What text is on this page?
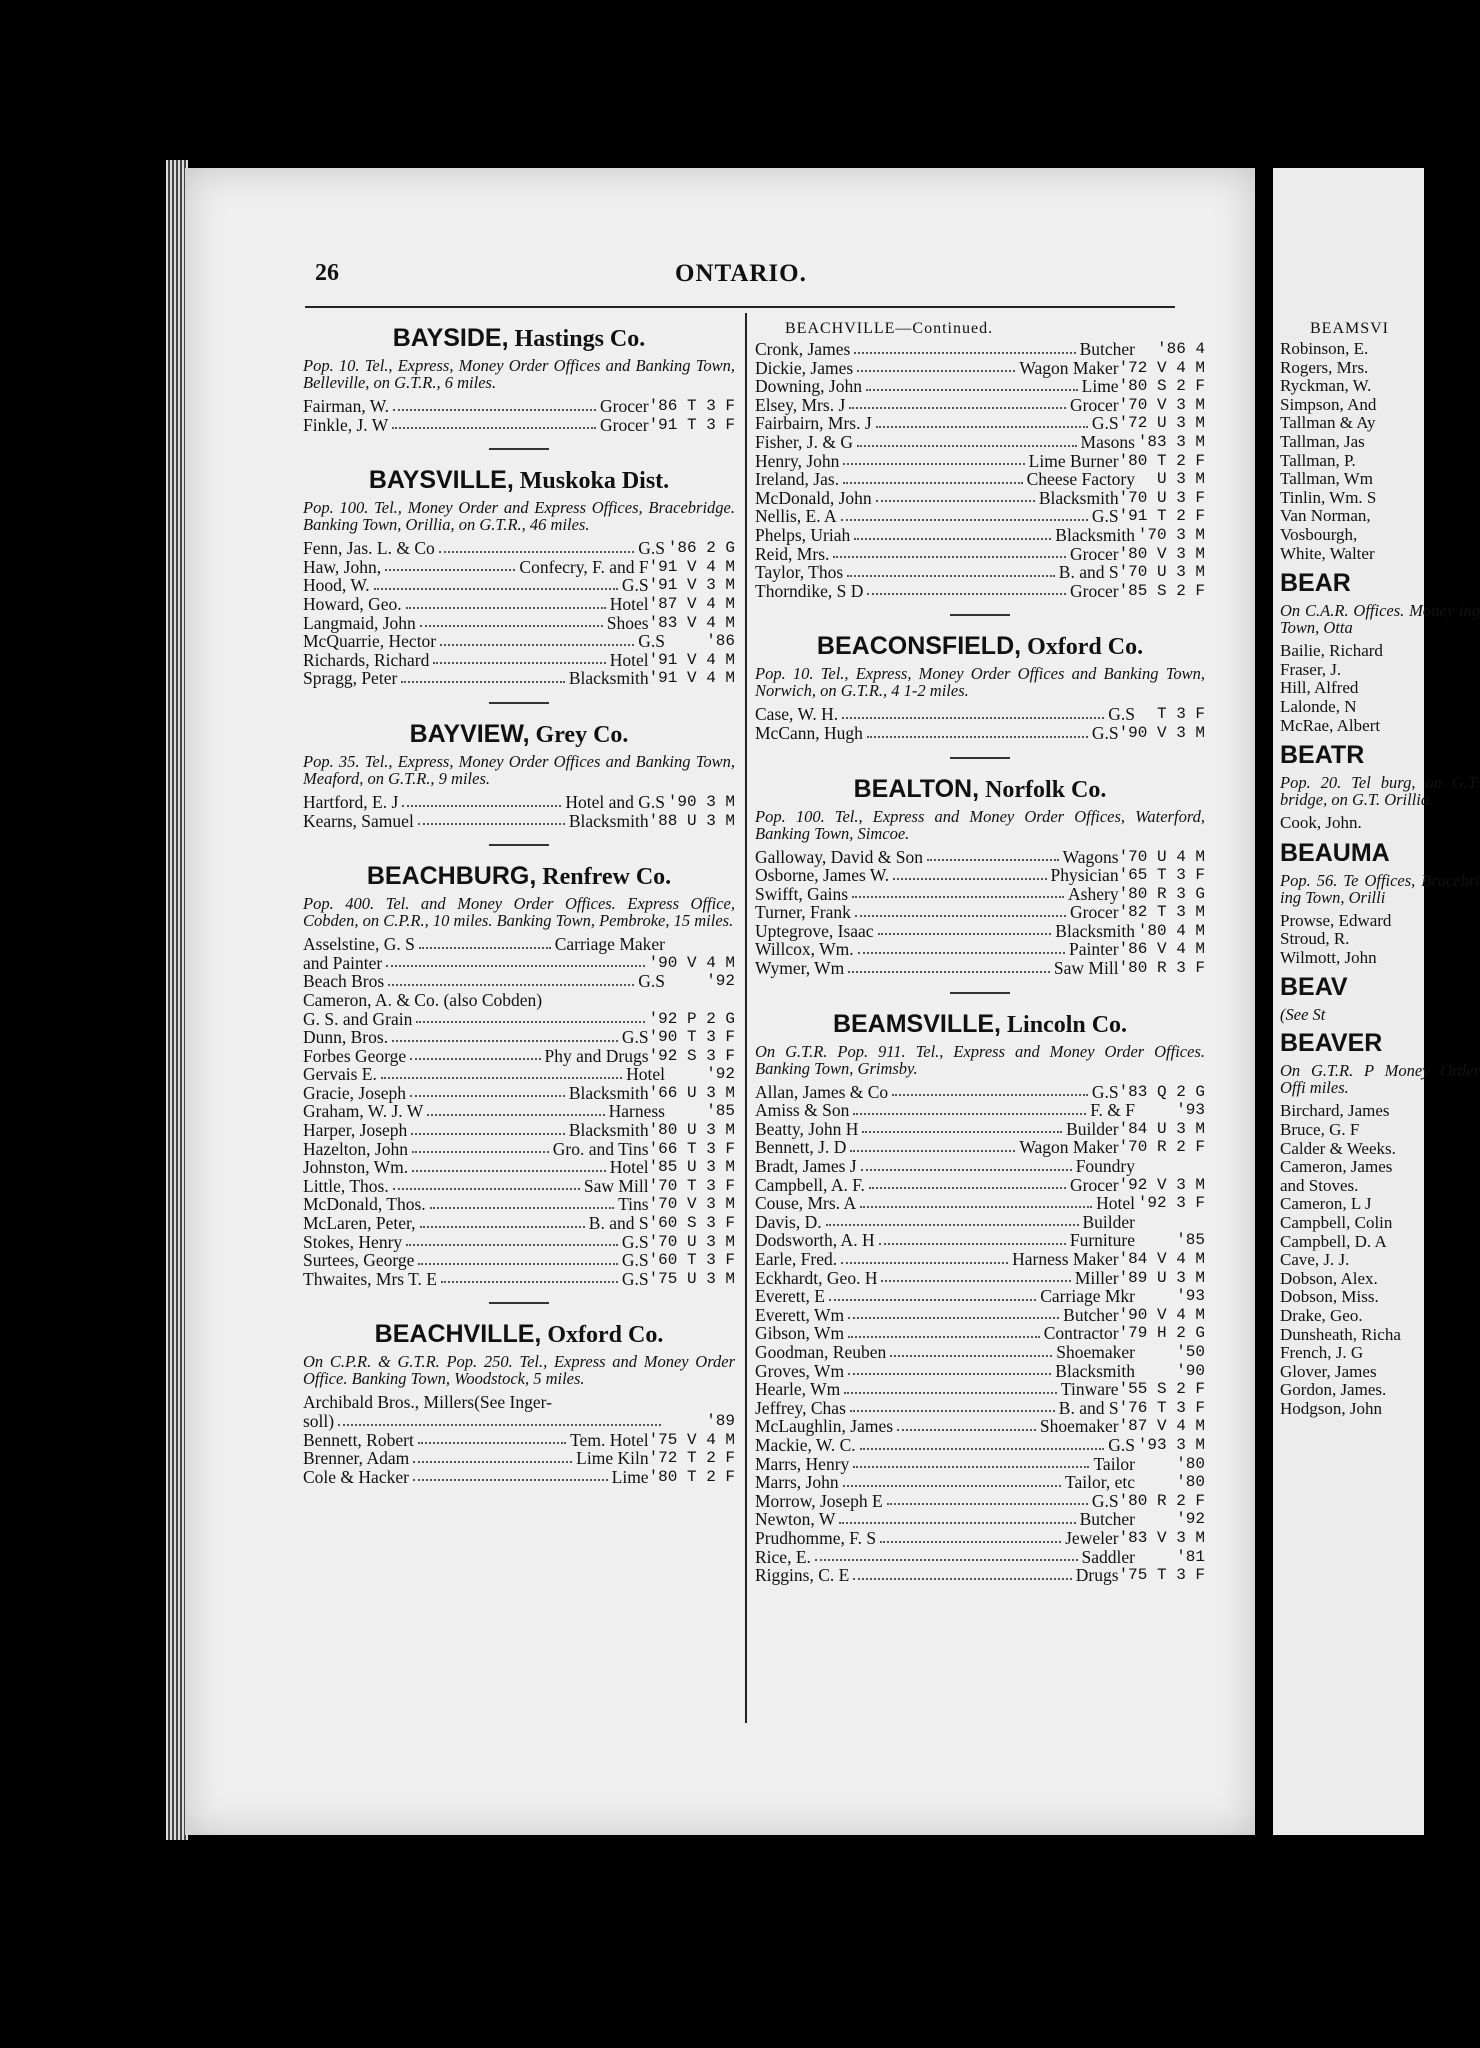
26	ONTARIO.
BAYSIDE, Hastings Co.
Pop. 10. Tel., Express, Money Order Offices and Banking Town, Belleville, on G.T.R., 6 miles.
Fairman, W.	Grocer '86 T 3 F
Finkle, J. W	Grocer '91 T 3 F
BAYSVILLE, Muskoka Dist.
Pop. 100. Tel., Money Order and Express Offices, Bracebridge. Banking Town, Orillia, on G.T.R., 46 miles.
Fenn, Jas. L. & Co	G.S '86 2 G
Haw, John,	Confecry, F. and F '91 V 4 M
Hood, W.	G.S '91 V 3 M
Howard, Geo.	Hotel '87 V 4 M
Langmaid, John	Shoes '83 V 4 M
McQuarrie, Hector	G.S	'86
Richards, Richard	Hotel '91 V 4 M
Spragg, Peter	Blacksmith '91 V 4 M
BAYVIEW, Grey Co.
Pop. 35. Tel., Express, Money Order Offices and Banking Town, Meaford, on G.T.R., 9 miles.
Hartford, E. J	Hotel and G.S '90 3 M
Kearns, Samuel	Blacksmith '88 U 3 M
BEACHBURG, Renfrew Co.
Pop. 400. Tel. and Money Order Offices. Express Office, Cobden, on C.P.R., 10 miles. Banking Town, Pembroke, 15 miles.
Asselstine, G. S	Carriage Maker
and Painter	'90 V 4 M
Beach Bros	G.S	'92
Cameron, A. & Co. (also Cobden)
G. S. and Grain	'92 P 2 G
Dunn, Bros.	G.S '90 T 3 F
Forbes George	Phy and Drugs '92 S 3 F
Gervais E.	Hotel	'92
Gracie, Joseph	Blacksmith '66 U 3 M
Graham, W. J. W	Harness	'85
Harper, Joseph	Blacksmith '80 U 3 M
Hazelton, John	Gro. and Tins '66 T 3 F
Johnston, Wm.	Hotel '85 U 3 M
Little, Thos.	Saw Mill '70 T 3 F
McDonald, Thos.	Tins '70 V 3 M
McLaren, Peter,	B. and S '60 S 3 F
Stokes, Henry	G.S '70 U 3 M
Surtees, George	G.S '60 T 3 F
Thwaites, Mrs T. E	G.S '75 U 3 M
BEACHVILLE, Oxford Co.
On C.P.R. & G.T.R. Pop. 250. Tel., Express and Money Order Office. Banking Town, Woodstock, 5 miles.
Archibald Bros., Millers(See Inger-
soll)	'89
Bennett, Robert	Tem. Hotel '75 V 4 M
Brenner, Adam	Lime Kiln '72 T 2 F
Cole & Hacker	Lime '80 T 2 F
BEACHVILLE—Continued.
Cronk, James	Butcher	'86 4
Dickie, James	Wagon Maker '72 V 4 M
Downing, John	Lime '80 S 2 F
Elsey, Mrs. J	Grocer '70 V 3 M
Fairbairn, Mrs. J	G.S '72 U 3 M
Fisher, J. & G	Masons '83 3 M
Henry, John	Lime Burner '80 T 2 F
Ireland, Jas.	Cheese Factory	U 3 M
McDonald, John	Blacksmith '70 U 3 F
Nellis, E. A	G.S '91 T 2 F
Phelps, Uriah	Blacksmith '70 3 M
Reid, Mrs.	Grocer '80 V 3 M
Taylor, Thos	B. and S '70 U 3 M
Thorndike, S D	Grocer '85 S 2 F
BEACONSFIELD, Oxford Co.
Pop. 10. Tel., Express, Money Order Offices and Banking Town, Norwich, on G.T.R., 4 1-2 miles.
Case, W. H.	G.S	T 3 F
McCann, Hugh	G.S '90 V 3 M
BEALTON, Norfolk Co.
Pop. 100. Tel., Express and Money Order Offices, Waterford, Banking Town, Simcoe.
Galloway, David & Son	Wagons '70 U 4 M
Osborne, James W.	Physician '65 T 3 F
Swifft, Gains	Ashery '80 R 3 G
Turner, Frank	Grocer '82 T 3 M
Uptegrove, Isaac	Blacksmith '80 4 M
Willcox, Wm.	Painter '86 V 4 M
Wymer, Wm	Saw Mill '80 R 3 F
BEAMSVILLE, Lincoln Co.
On G.T.R. Pop. 911. Tel., Express and Money Order Offices. Banking Town, Grimsby.
Allan, James & Co	G.S '83 Q 2 G
Amiss & Son	F. & F	'93
Beatty, John H	Builder '84 U 3 M
Bennett, J. D	Wagon Maker '70 R 2 F
Bradt, James J	Foundry
Campbell, A. F.	Grocer '92 V 3 M
Couse, Mrs. A	Hotel '92 3 F
Davis, D.	Builder
Dodsworth, A. H	Furniture	'85
Earle, Fred.	Harness Maker '84 V 4 M
Eckhardt, Geo. H	Miller '89 U 3 M
Everett, E	Carriage Mkr	'93
Everett, Wm	Butcher '90 V 4 M
Gibson, Wm	Contractor '79 H 2 G
Goodman, Reuben	Shoemaker	'50
Groves, Wm	Blacksmith	'90
Hearle, Wm	Tinware '55 S 2 F
Jeffrey, Chas	B. and S '76 T 3 F
McLaughlin, James	Shoemaker '87 V 4 M
Mackie, W. C.	G.S '93 3 M
Marrs, Henry	Tailor	'80
Marrs, John	Tailor, etc	'80
Morrow, Joseph E	G.S '80 R 2 F
Newton, W	Butcher	'92
Prudhomme, F. S	Jeweler '83 V 3 M
Rice, E.	Saddler	'81
Riggins, C. E	Drugs '75 T 3 F
BEAMSVI
Robinson, E.
Rogers, Mrs.
Ryckman, W.
Simpson, And
Tallman & Ay
Tallman, Jas
Tallman, P.
Tallman, Wm
Tinlin, Wm. S
Van Norman,
Vosbourgh,
White, Walter
BEAR
On C.A.R. Offices. Money ing Town, Otta
Bailie, Richard
Fraser, J.
Hill, Alfred
Lalonde, N
McRae, Albert
BEATR
Pop. 20. Tel burg, on G.T. bridge, on G.T. Orillia.
Cook, John.
BEAUMA
Pop. 56. Te Offices, Bracebri ing Town, Orilli
Prowse, Edward
Stroud, R.
Wilmott, John
BEAV
(See St
BEAVER
On G.T.R. P Money Order Offi miles.
Birchard, James
Bruce, G. F
Calder & Weeks.
Cameron, James
and Stoves.
Cameron, L J
Campbell, Colin
Campbell, D. A
Cave, J. J.
Dobson, Alex.
Dobson, Miss.
Drake, Geo.
Dunsheath, Richa
French, J. G
Glover, James
Gordon, James.
Hodgson, John
